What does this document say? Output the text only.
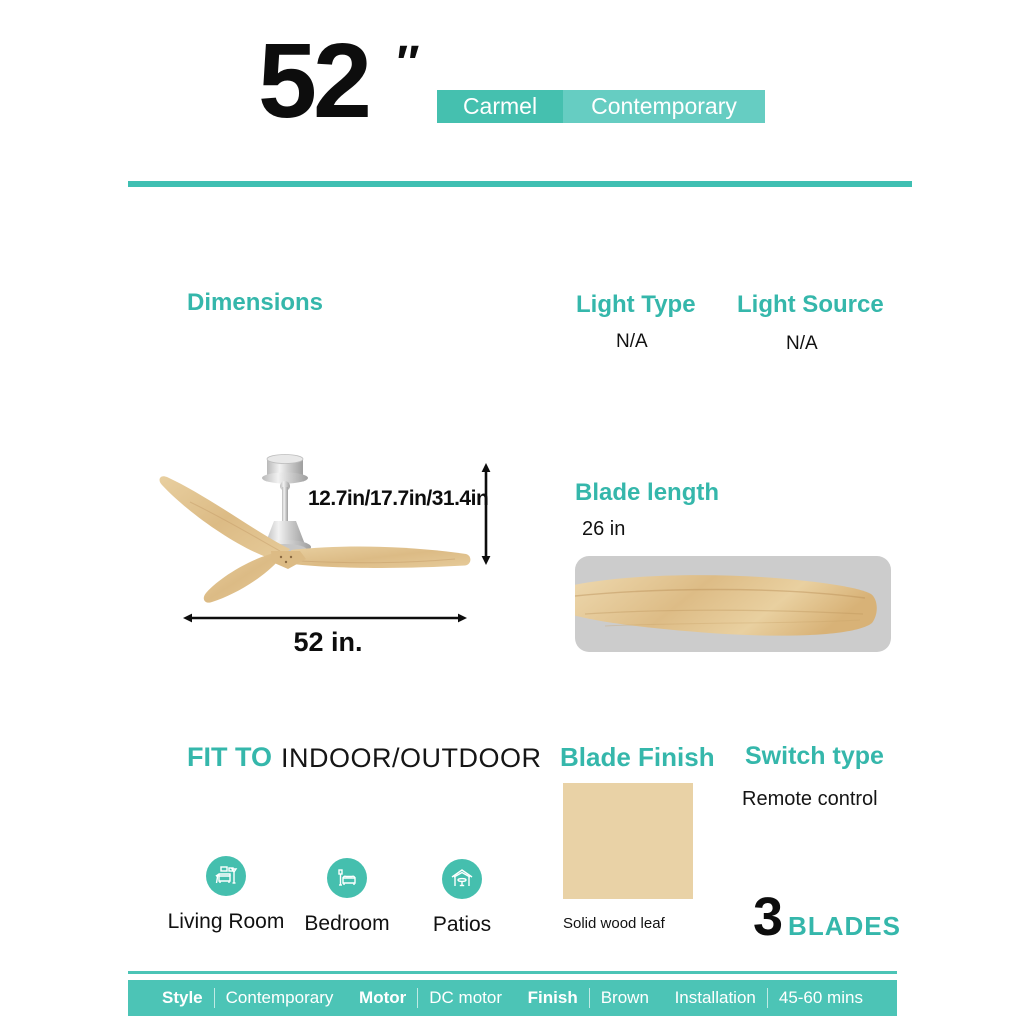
52 ″
Carmel	Contemporary
Dimensions	Light Type
N/A
Light Source
N/A
12.7in/17.7in/31.4in
52 in.
Blade length
26 in
FIT TO INDOOR/OUTDOOR
Living Room Bedroom	Patios
Blade Finish
Solid wood leaf
Switch type
Remote control
3 BLADES
Style Contemporary Motor DC motor Finish Brown Installation 45-60 mins
